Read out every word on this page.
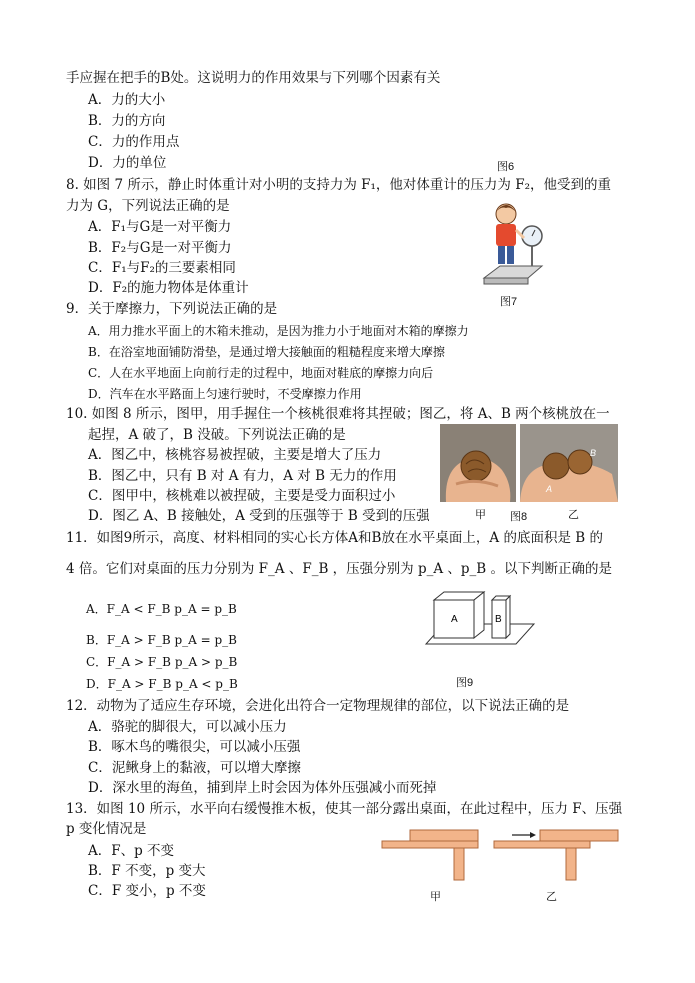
手应握在把手的B处。这说明力的作用效果与下列哪个因素有关
A．力的大小
B．力的方向
C．力的作用点
D．力的单位	图6
8. 如图 7 所示，静止时体重计对小明的支持力为 F₁，他对体重计的压力为 F₂，他受到的重
力为 G，下列说法正确的是
A．F₁与G是一对平衡力
B．F₂与G是一对平衡力
C．F₁与F₂的三要素相同
D．F₂的施力物体是体重计
图7
9．关于摩擦力，下列说法正确的是
A．用力推水平面上的木箱未推动，是因为推力小于地面对木箱的摩擦力
B．在浴室地面铺防滑垫，是通过增大接触面的粗糙程度来增大摩擦
C．人在水平地面上向前行走的过程中，地面对鞋底的摩擦力向后
D．汽车在水平路面上匀速行驶时，不受摩擦力作用
10. 如图 8 所示，图甲，用手握住一个核桃很难将其捏破；图乙，将 A、B 两个核桃放在一
起捏，A 破了，B 没破。下列说法正确的是
A．图乙中，核桃容易被捏破，主要是增大了压力
B．图乙中，只有 B 对 A 有力，A 对 B 无力的作用
C．图甲中，核桃难以被捏破，主要是受力面积过小
D．图乙 A、B 接触处，A 受到的压强等于 B 受到的压强
A
B
甲 图8	乙
11．如图9所示，高度、材料相同的实心长方体A和B放在水平桌面上，A 的底面积是 B 的
4 倍。它们对桌面的压力分别为 F_A 、F_B ，压强分别为 p_A 、p_B 。以下判断正确的是
A．F_A < F_B p_A = p_B
B．F_A > F_B p_A = p_B
C．F_A > F_B p_A > p_B
D．F_A > F_B p_A < p_B
A	B
图9
12．动物为了适应生存环境，会进化出符合一定物理规律的部位，以下说法正确的是
A．骆驼的脚很大，可以减小压力
B．啄木鸟的嘴很尖，可以减小压强
C．泥鳅身上的黏液，可以增大摩擦
D．深水里的海鱼，捕到岸上时会因为体外压强减小而死掉
13．如图 10 所示，水平向右缓慢推木板，使其一部分露出桌面，在此过程中，压力 F、压强
p 变化情况是
A．F、p 不变
B．F 不变，p 变大
C．F 变小，p 不变	甲	乙
